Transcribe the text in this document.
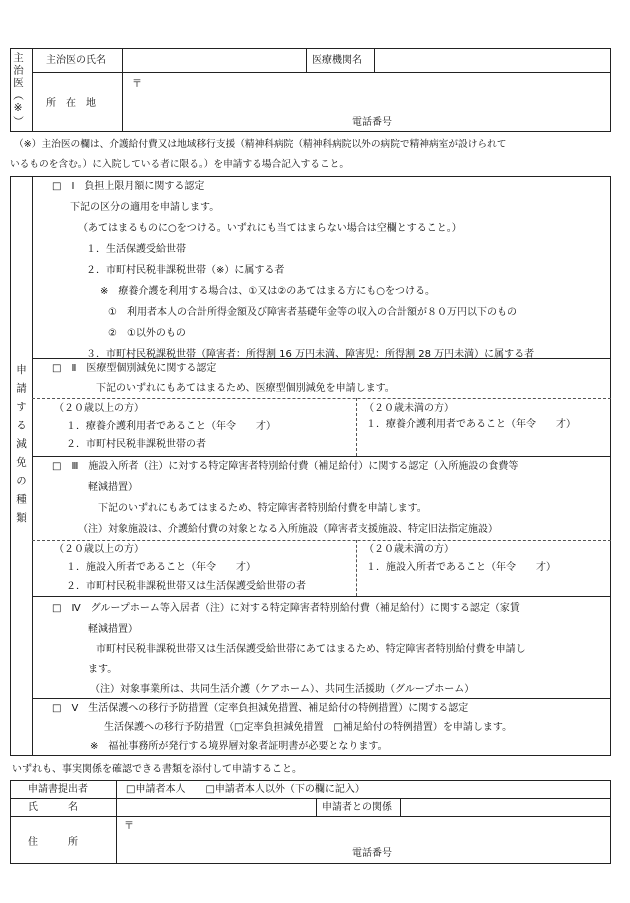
主治医（※） 主治医の氏名	医療機関名
所　在　地
〒
電話番号
（※）主治医の欄は、介護給付費又は地域移行支援（精神科病院（精神科病院以外の病院で精神病室が設けられて
いるものを含む。）に入院している者に限る。）を申請する場合記入すること。
申請する減免の種類
□　Ⅰ　負担上限月額に関する認定
下記の区分の適用を申請します。
（あてはまるものに○をつける。いずれにも当てはまらない場合は空欄とすること。）
１．生活保護受給世帯
２．市町村民税非課税世帯（※）に属する者
※　療養介護を利用する場合は、①又は②のあてはまる方にも○をつける。
①　利用者本人の合計所得金額及び障害者基礎年金等の収入の合計額が８０万円以下のもの
②　①以外のもの
３．市町村民税課税世帯（障害者：所得割 16 万円未満、障害児：所得割 28 万円未満）に属する者
□　Ⅱ　医療型個別減免に関する認定
下記のいずれにもあてはまるため、医療型個別減免を申請します。
（２０歳以上の方）
１．療養介護利用者であること（年令　　才）
２．市町村民税非課税世帯の者
（２０歳未満の方）
１．療養介護利用者であること（年令　　才）
□　Ⅲ　施設入所者（注）に対する特定障害者特別給付費（補足給付）に関する認定（入所施設の食費等
軽減措置）
下記のいずれにもあてはまるため、特定障害者特別給付費を申請します。
（注）対象施設は、介護給付費の対象となる入所施設（障害者支援施設、特定旧法指定施設）
（２０歳以上の方）
１．施設入所者であること（年令　　才）
２．市町村民税非課税世帯又は生活保護受給世帯の者
（２０歳未満の方）
１．施設入所者であること（年令　　才）
□　Ⅳ　グループホーム等入居者（注）に対する特定障害者特別給付費（補足給付）に関する認定（家賃
軽減措置）
市町村民税非課税世帯又は生活保護受給世帯にあてはまるため、特定障害者特別給付費を申請し
ます。
（注）対象事業所は、共同生活介護（ケアホーム）、共同生活援助（グループホーム）
□　Ⅴ　生活保護への移行予防措置（定率負担減免措置、補足給付の特例措置）に関する認定
生活保護への移行予防措置（□定率負担減免措置　□補足給付の特例措置）を申請します。
※　福祉事務所が発行する境界層対象者証明書が必要となります。
いずれも、事実関係を確認できる書類を添付して申請すること。
申請書提出者	□申請者本人　　□申請者本人以外（下の欄に記入）
氏　　　名	申請者との関係
住　　　所
〒
電話番号
